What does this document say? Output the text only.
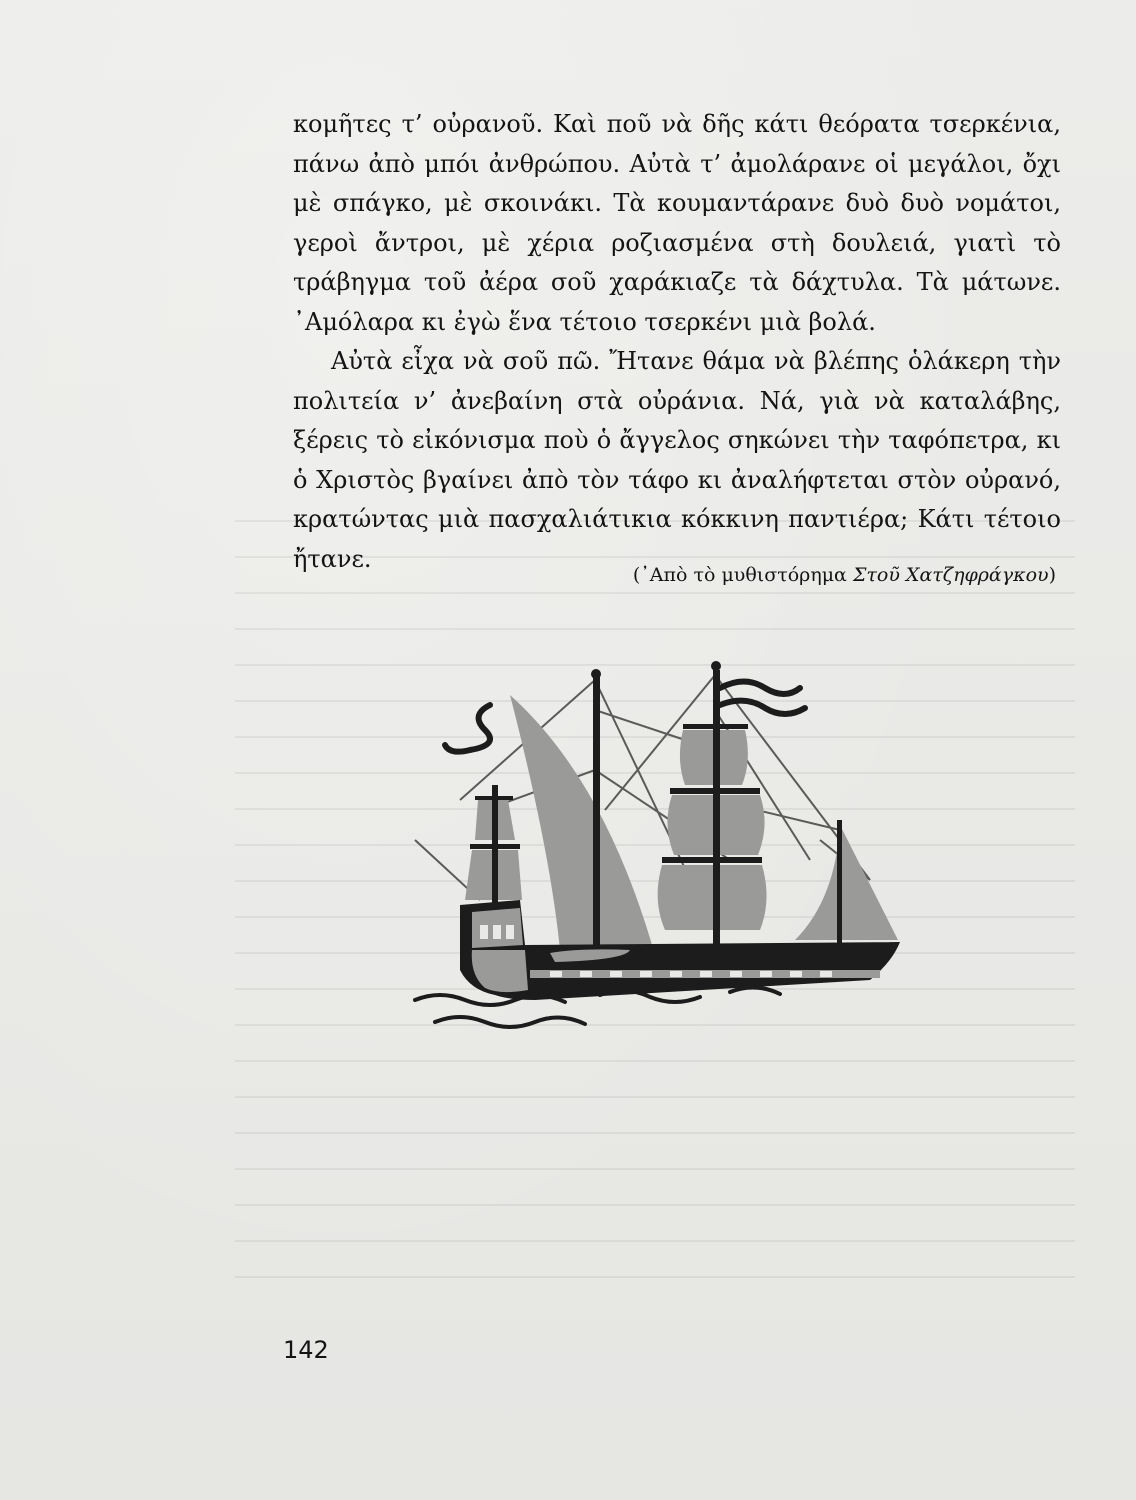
κομῆτες τ’ οὐρανοῦ. Καὶ ποῦ νὰ δῆς κάτι θεόρατα τσερκένια, πάνω ἀπὸ μπόι ἀνθρώπου. Αὐτὰ τ’ ἀμολάρανε οἱ μεγάλοι, ὄχι μὲ σπάγκο, μὲ σκοινάκι. Τὰ κουμαντάρανε δυὸ δυὸ νομάτοι, γεροὶ ἄντροι, μὲ χέρια ροζιασμένα στὴ δουλειά, γιατὶ τὸ τράβηγμα τοῦ ἀέρα σοῦ χαράκιαζε τὰ δάχτυλα. Τὰ μάτωνε. ᾿Αμόλαρα κι ἐγὼ ἕνα τέτοιο τσερκένι μιὰ βολά.

Αὐτὰ εἶχα νὰ σοῦ πῶ. Ἤτανε θάμα νὰ βλέπης ὁλάκερη τὴν πολιτεία ν’ ἀνεβαίνη στὰ οὐράνια. Νά, γιὰ νὰ καταλάβης, ξέρεις τὸ εἰκόνισμα ποὺ ὁ ἄγγελος σηκώνει τὴν ταφόπετρα, κι ὁ Χριστὸς βγαίνει ἀπὸ τὸν τάφο κι ἀναλήφτεται στὸν οὐρανό, κρατώντας μιὰ πασχαλιάτικια κόκκινη παντιέρα; Κάτι τέτοιο ἤτανε.

(᾿Απὸ τὸ μυθιστόρημα Στοῦ Χατζηφράγκου)
142
